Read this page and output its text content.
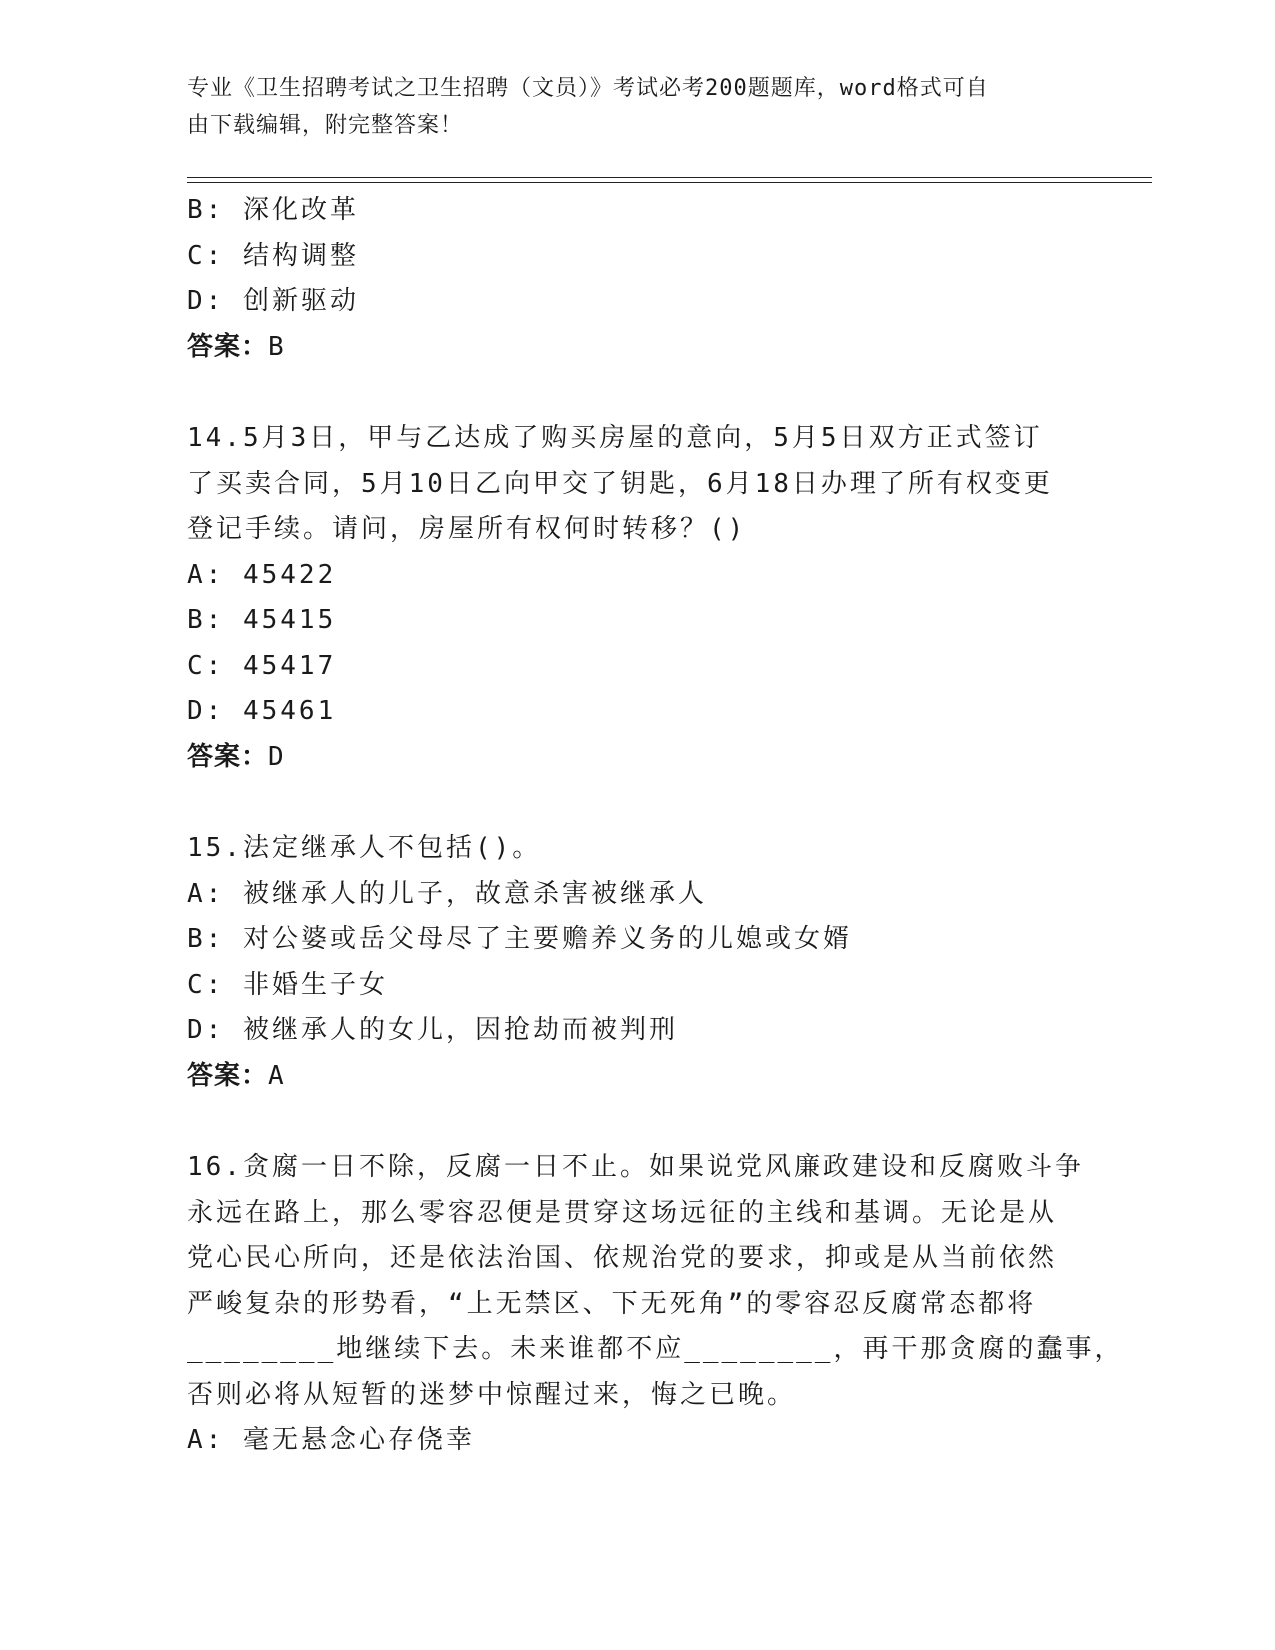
专业《卫生招聘考试之卫生招聘（文员）》考试必考200题题库，word格式可自
由下载编辑，附完整答案！
B: 深化改革
C: 结构调整
D: 创新驱动
答案：B
14.5月3日，甲与乙达成了购买房屋的意向，5月5日双方正式签订
了买卖合同，5月10日乙向甲交了钥匙，6月18日办理了所有权变更
登记手续。请问，房屋所有权何时转移？()
A: 45422
B: 45415
C: 45417
D: 45461
答案：D
15.法定继承人不包括()。
A: 被继承人的儿子，故意杀害被继承人
B: 对公婆或岳父母尽了主要赡养义务的儿媳或女婿
C: 非婚生子女
D: 被继承人的女儿，因抢劫而被判刑
答案：A
16.贪腐一日不除，反腐一日不止。如果说党风廉政建设和反腐败斗争
永远在路上，那么零容忍便是贯穿这场远征的主线和基调。无论是从
党心民心所向，还是依法治国、依规治党的要求，抑或是从当前依然
严峻复杂的形势看，“上无禁区、下无死角”的零容忍反腐常态都将
________地继续下去。未来谁都不应________，再干那贪腐的蠢事，
否则必将从短暂的迷梦中惊醒过来，悔之已晚。
A: 毫无悬念心存侥幸
